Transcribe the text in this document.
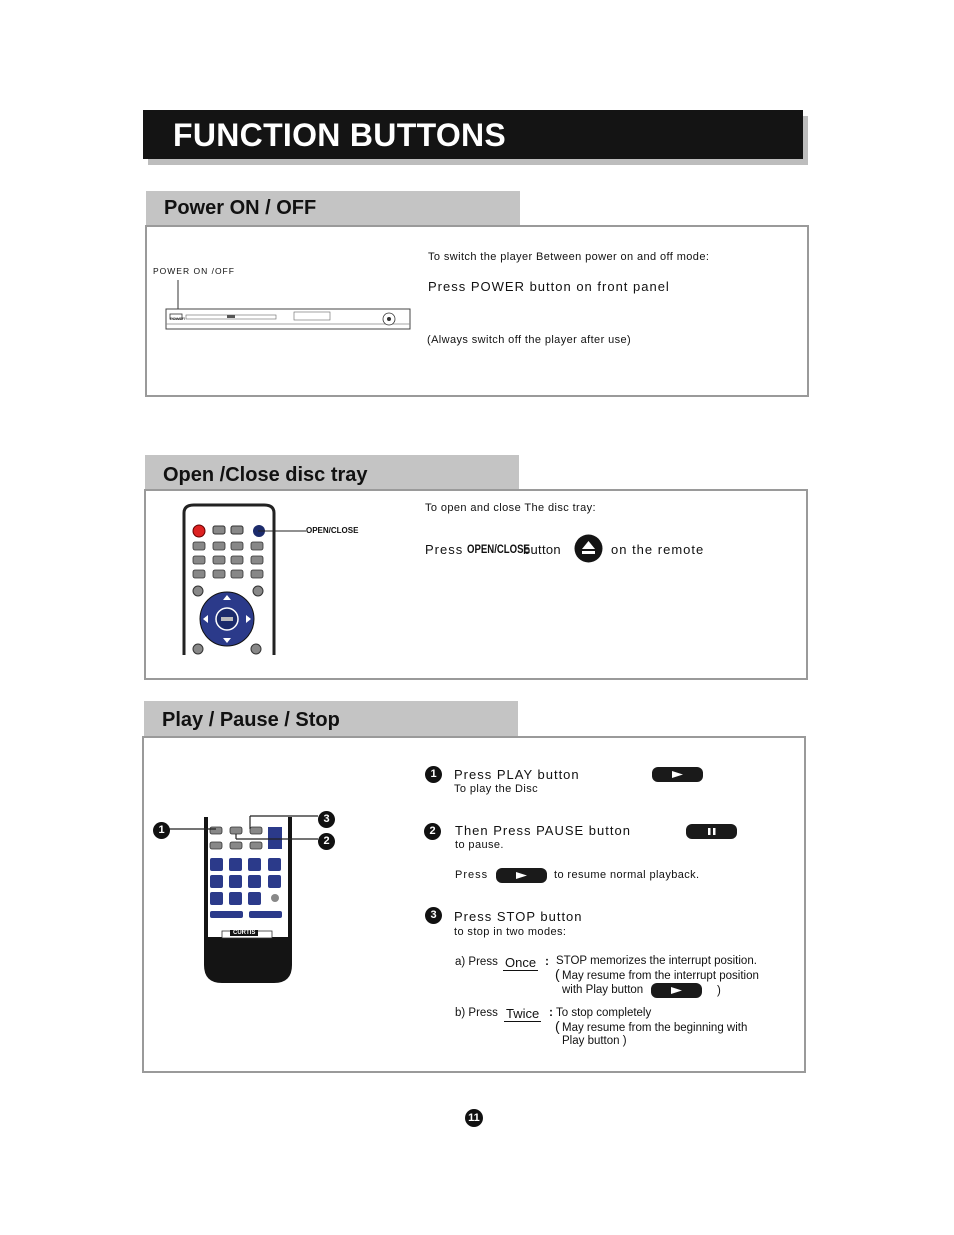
FUNCTION BUTTONS
Power ON / OFF
POWER ON /OFF
POWER
To switch the player Between power on and off mode:
Press POWER button on front panel
(Always switch off the player after use)
Open /Close disc tray
OPEN/CLOSE
To open and close The disc tray:
Press OPEN/CLOSE
button	on the remote
Play / Pause / Stop
CURTIS
1
3
2
1	Press PLAY button
To play the Disc
2	Then Press PAUSE button
to pause.
Press	to resume normal playback.
3	Press STOP button
to stop in two modes:
a) Press Once : STOP memorizes the interrupt position.
( May resume from the interrupt position
with Play button	)
b) Press Twice : To stop completely
( May resume from the beginning with
Play button )
11
